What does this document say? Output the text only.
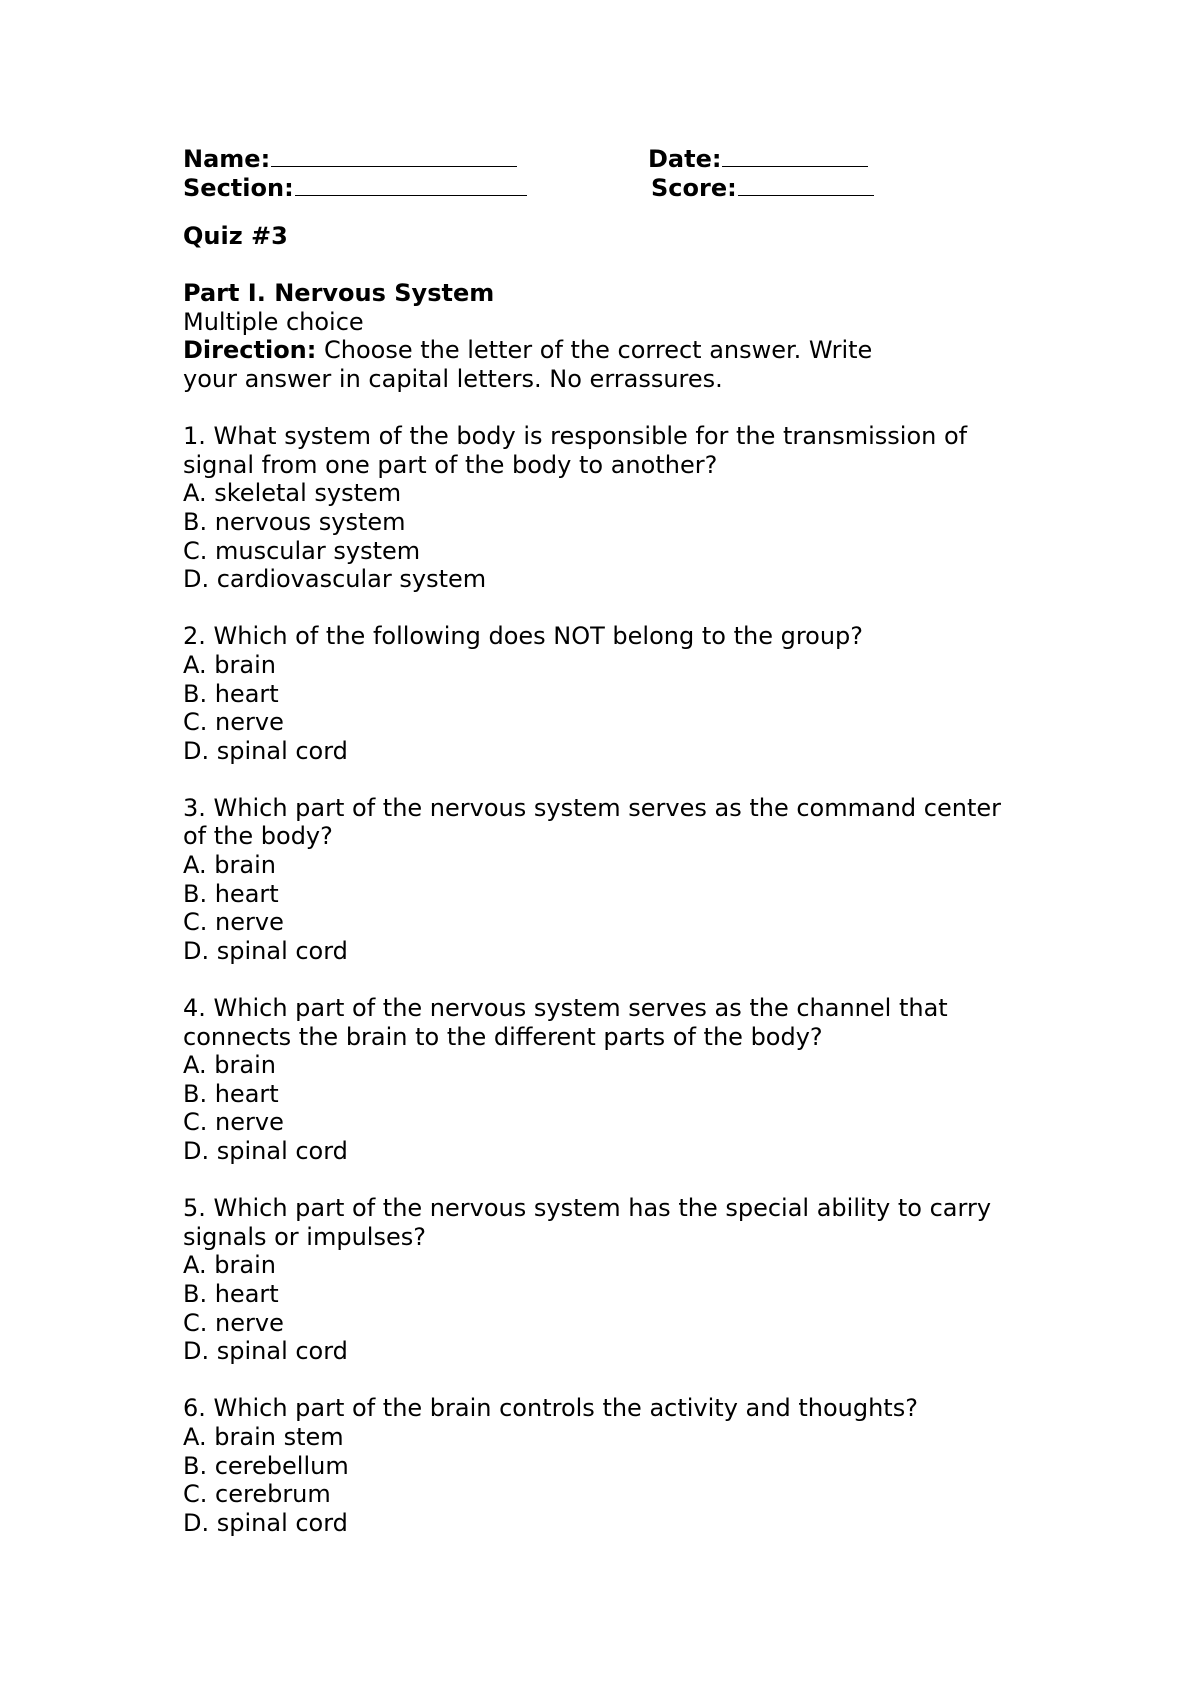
Name:	Date:
Section:	Score:
Quiz #3
Part I. Nervous System
Multiple choice
Direction: Choose the letter of the correct answer. Write
your answer in capital letters. No errassures.
1. What system of the body is responsible for the transmission of
signal from one part of the body to another?
A. skeletal system
B. nervous system
C. muscular system
D. cardiovascular system
2. Which of the following does NOT belong to the group?
A. brain
B. heart
C. nerve
D. spinal cord
3. Which part of the nervous system serves as the command center
of the body?
A. brain
B. heart
C. nerve
D. spinal cord
4. Which part of the nervous system serves as the channel that
connects the brain to the different parts of the body?
A. brain
B. heart
C. nerve
D. spinal cord
5. Which part of the nervous system has the special ability to carry
signals or impulses?
A. brain
B. heart
C. nerve
D. spinal cord
6. Which part of the brain controls the activity and thoughts?
A. brain stem
B. cerebellum
C. cerebrum
D. spinal cord
